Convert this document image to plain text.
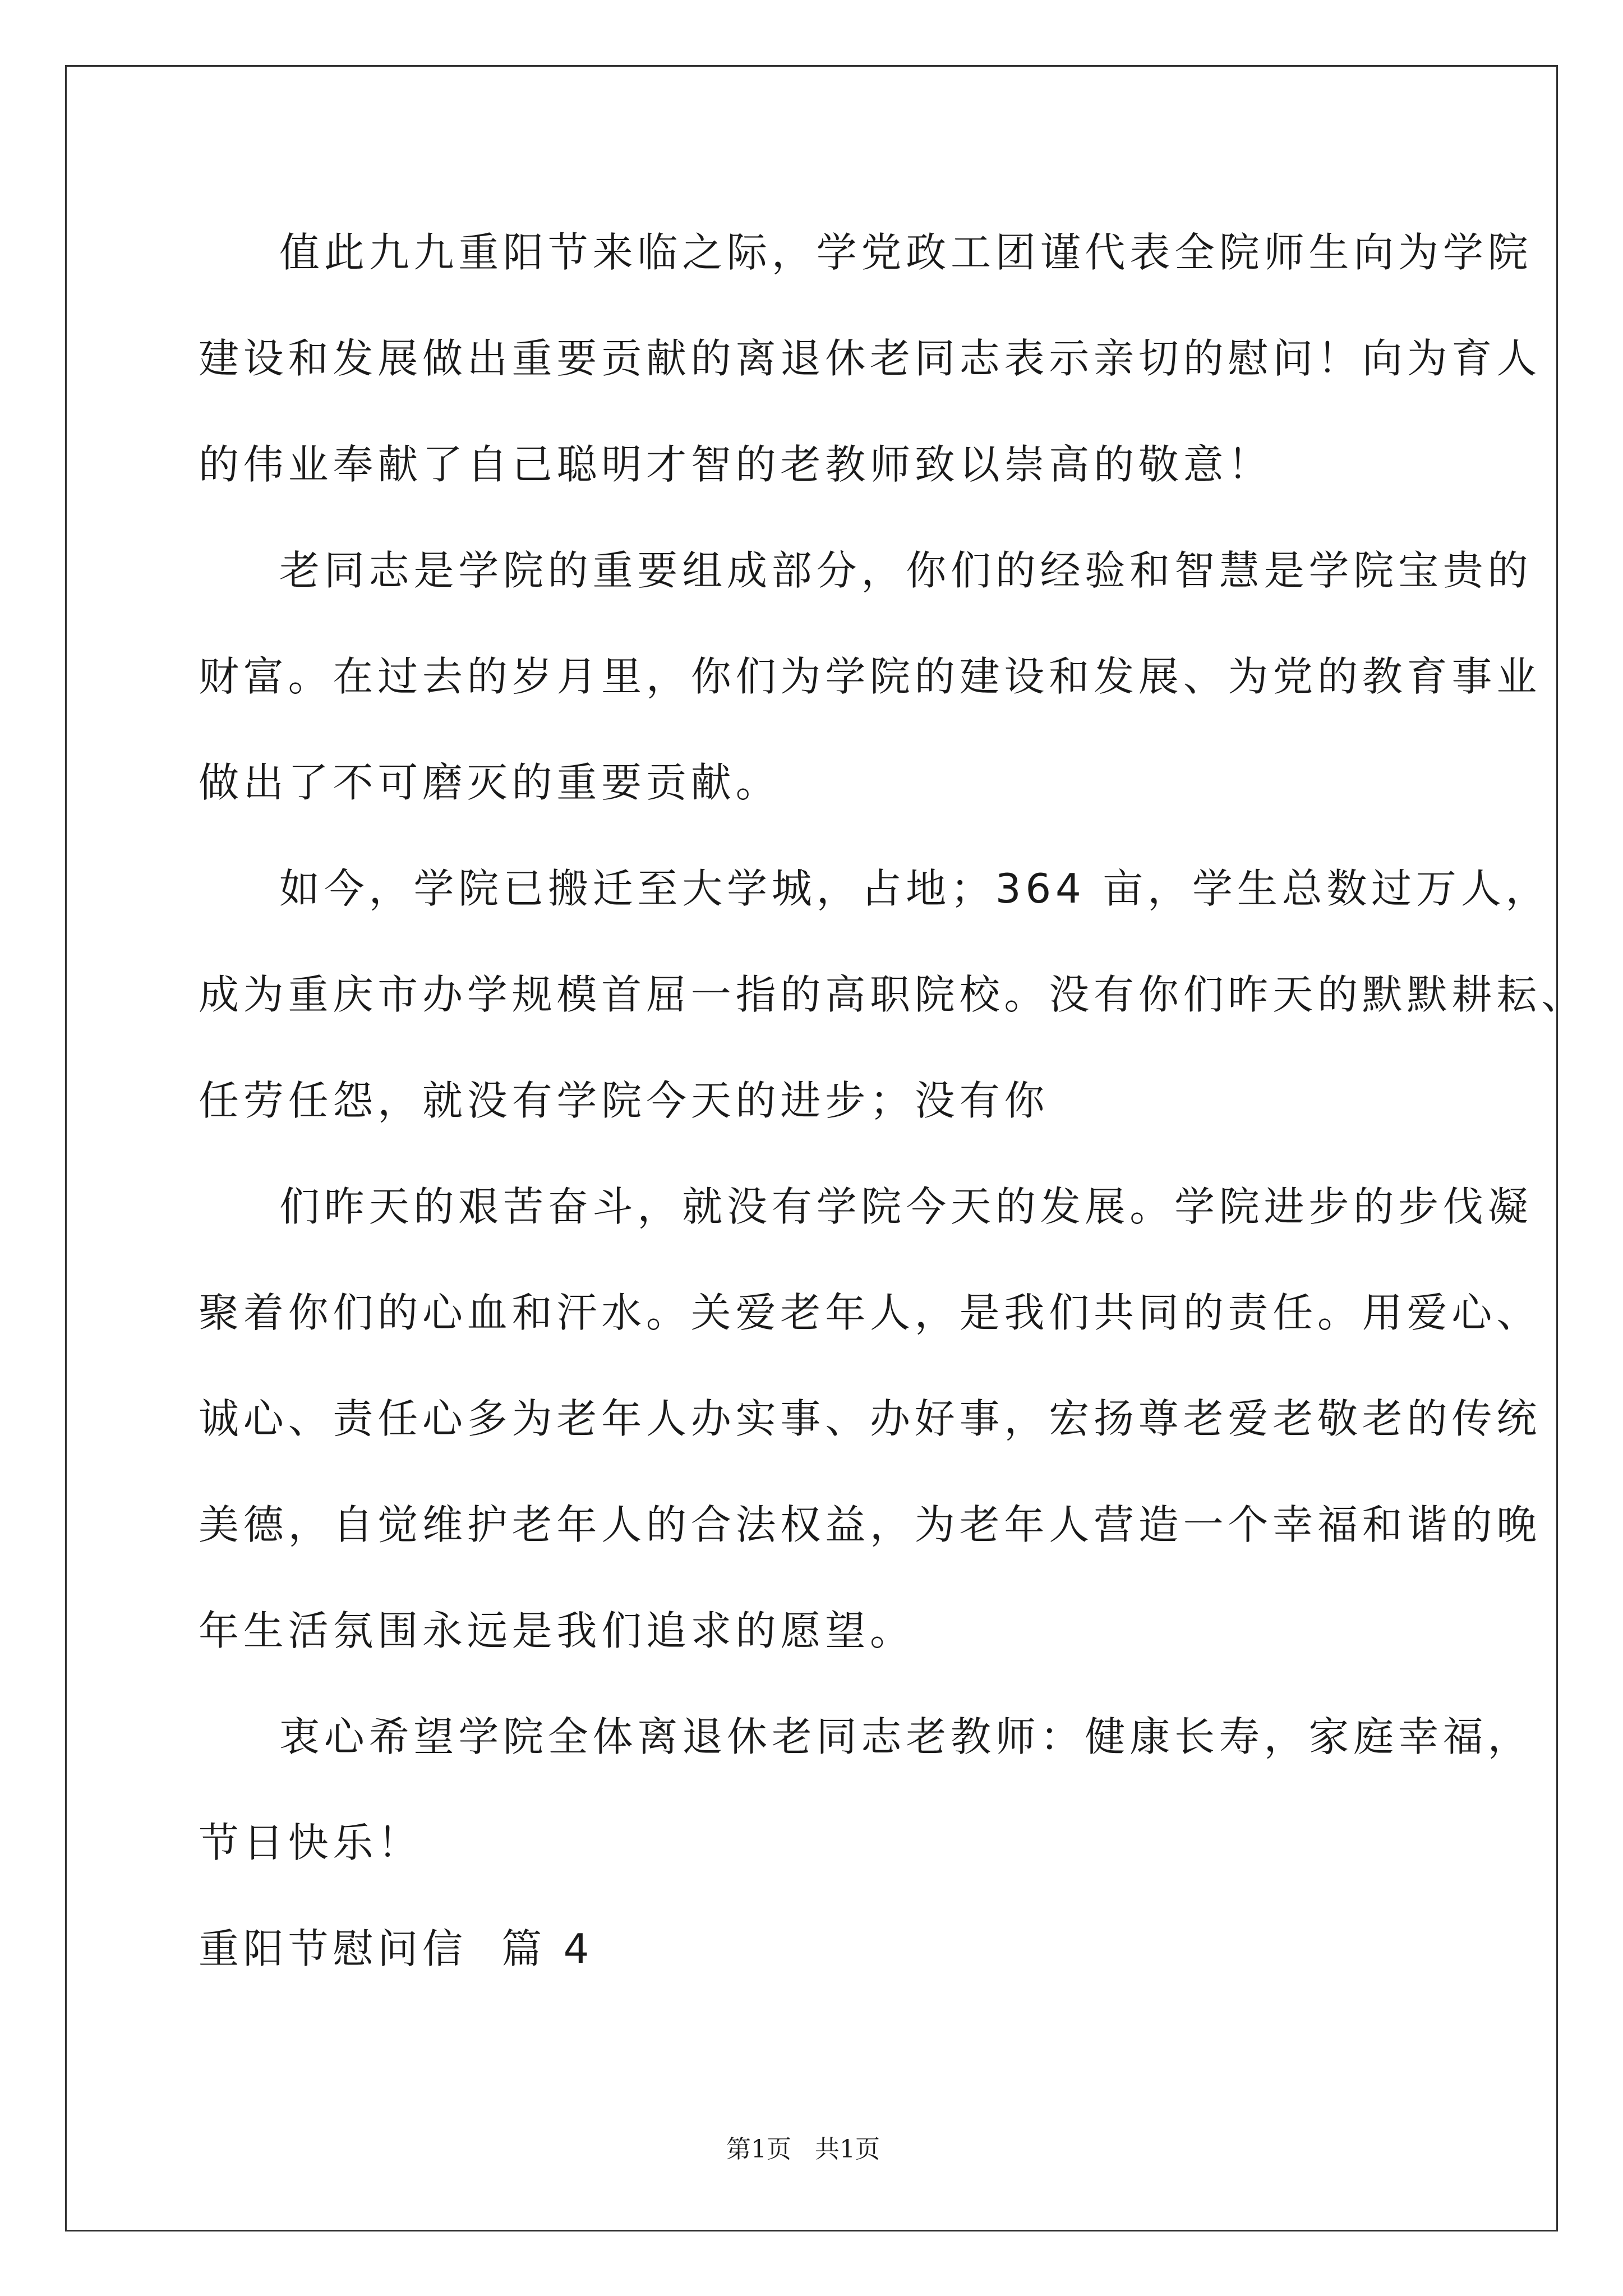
值此九九重阳节来临之际，学党政工团谨代表全院师生向为学院
建设和发展做出重要贡献的离退休老同志表示亲切的慰问！向为育人
的伟业奉献了自己聪明才智的老教师致以崇高的敬意！
老同志是学院的重要组成部分，你们的经验和智慧是学院宝贵的
财富。在过去的岁月里，你们为学院的建设和发展、为党的教育事业
做出了不可磨灭的重要贡献。
如今，学院已搬迁至大学城，占地；364 亩，学生总数过万人，
成为重庆市办学规模首屈一指的高职院校。没有你们昨天的默默耕耘、
任劳任怨，就没有学院今天的进步；没有你
们昨天的艰苦奋斗，就没有学院今天的发展。学院进步的步伐凝
聚着你们的心血和汗水。关爱老年人，是我们共同的责任。用爱心、
诚心、责任心多为老年人办实事、办好事，宏扬尊老爱老敬老的传统
美德，自觉维护老年人的合法权益，为老年人营造一个幸福和谐的晚
年生活氛围永远是我们追求的愿望。
衷心希望学院全体离退休老同志老教师：健康长寿，家庭幸福，
节日快乐！
重阳节慰问信  篇 4
第1页   共1页
